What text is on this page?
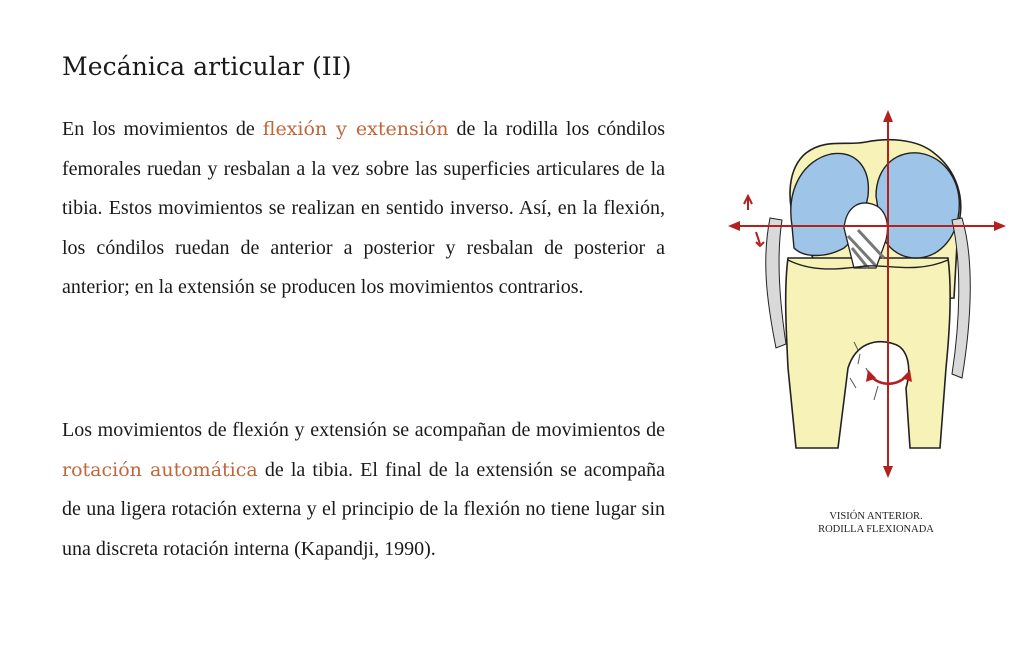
Mecánica articular (II)

En los movimientos de flexión y extensión de la rodilla los cóndilos femorales ruedan y resbalan a la vez sobre las superficies articulares de la tibia. Estos movimientos se realizan en sentido inverso. Así, en la flexión, los cóndilos ruedan de anterior a posterior y resbalan de posterior a anterior; en la extensión se producen los movimientos contrarios.

Los movimientos de flexión y extensión se acompañan de movimientos de rotación automática de la tibia. El final de la extensión se acompaña de una ligera rotación externa y el principio de la flexión no tiene lugar sin una discreta rotación interna (Kapandji, 1990).

VISIÓN ANTERIOR.
RODILLA FLEXIONADA
